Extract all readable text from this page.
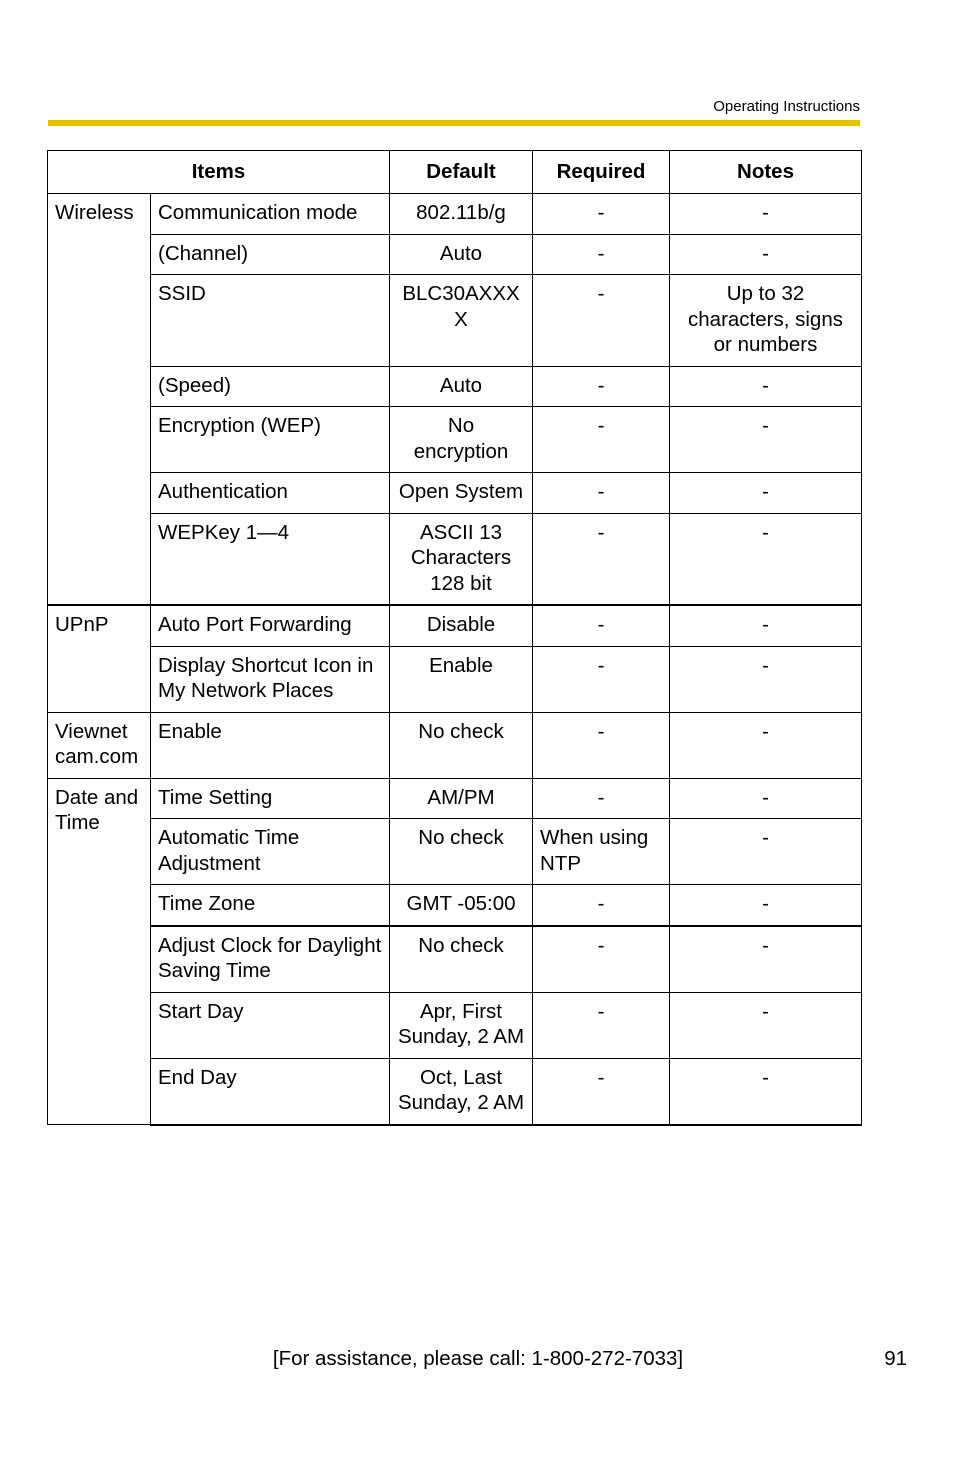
Operating Instructions
Items		Default	Required	Notes
Wireless	Communication mode	802.11b/g	-	-
	(Channel)	Auto	-	-
	SSID	BLC30AXXXX	-	Up to 32 characters, signs or numbers
	(Speed)	Auto	-	-
	Encryption (WEP)	No encryption	-	-
	Authentication	Open System	-	-
	WEPKey 1—4	ASCII 13 Characters 128 bit	-	-
UPnP	Auto Port Forwarding	Disable	-	-
	Display Shortcut Icon in My Network Places	Enable	-	-
Viewnet cam.com	Enable	No check	-	-
Date and Time	Time Setting	AM/PM	-	-
	Automatic Time Adjustment	No check	When using NTP	-
	Time Zone	GMT -05:00	-	-
	Adjust Clock for Daylight Saving Time	No check	-	-
	Start Day	Apr, First Sunday, 2 AM	-	-
	End Day	Oct, Last Sunday, 2 AM	-	-
[For assistance, please call: 1-800-272-7033]	91
